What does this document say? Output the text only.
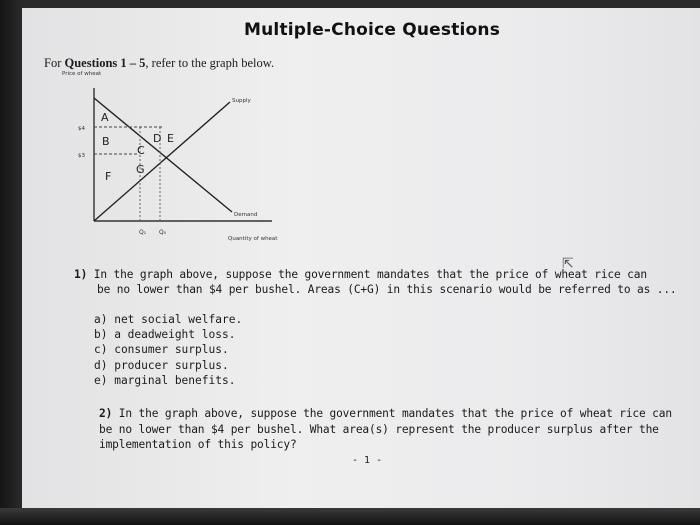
Multiple-Choice Questions
For Questions 1 – 5, refer to the graph below.
Price of wheat
Quantity of wheat
Supply
Demand
$4
$3
Q₁ Q₀
A
B
C
D E
F
G
1) In the graph above, suppose the government mandates that the price of wheat rice can
be no lower than $4 per bushel. Areas (C+G) in this scenario would be referred to as ...
a) net social welfare.
b) a deadweight loss.
c) consumer surplus.
d) producer surplus.
e) marginal benefits.
2) In the graph above, suppose the government mandates that the price of wheat rice can
be no lower than $4 per bushel. What area(s) represent the producer surplus after the
implementation of this policy?
- 1 -
⇱
